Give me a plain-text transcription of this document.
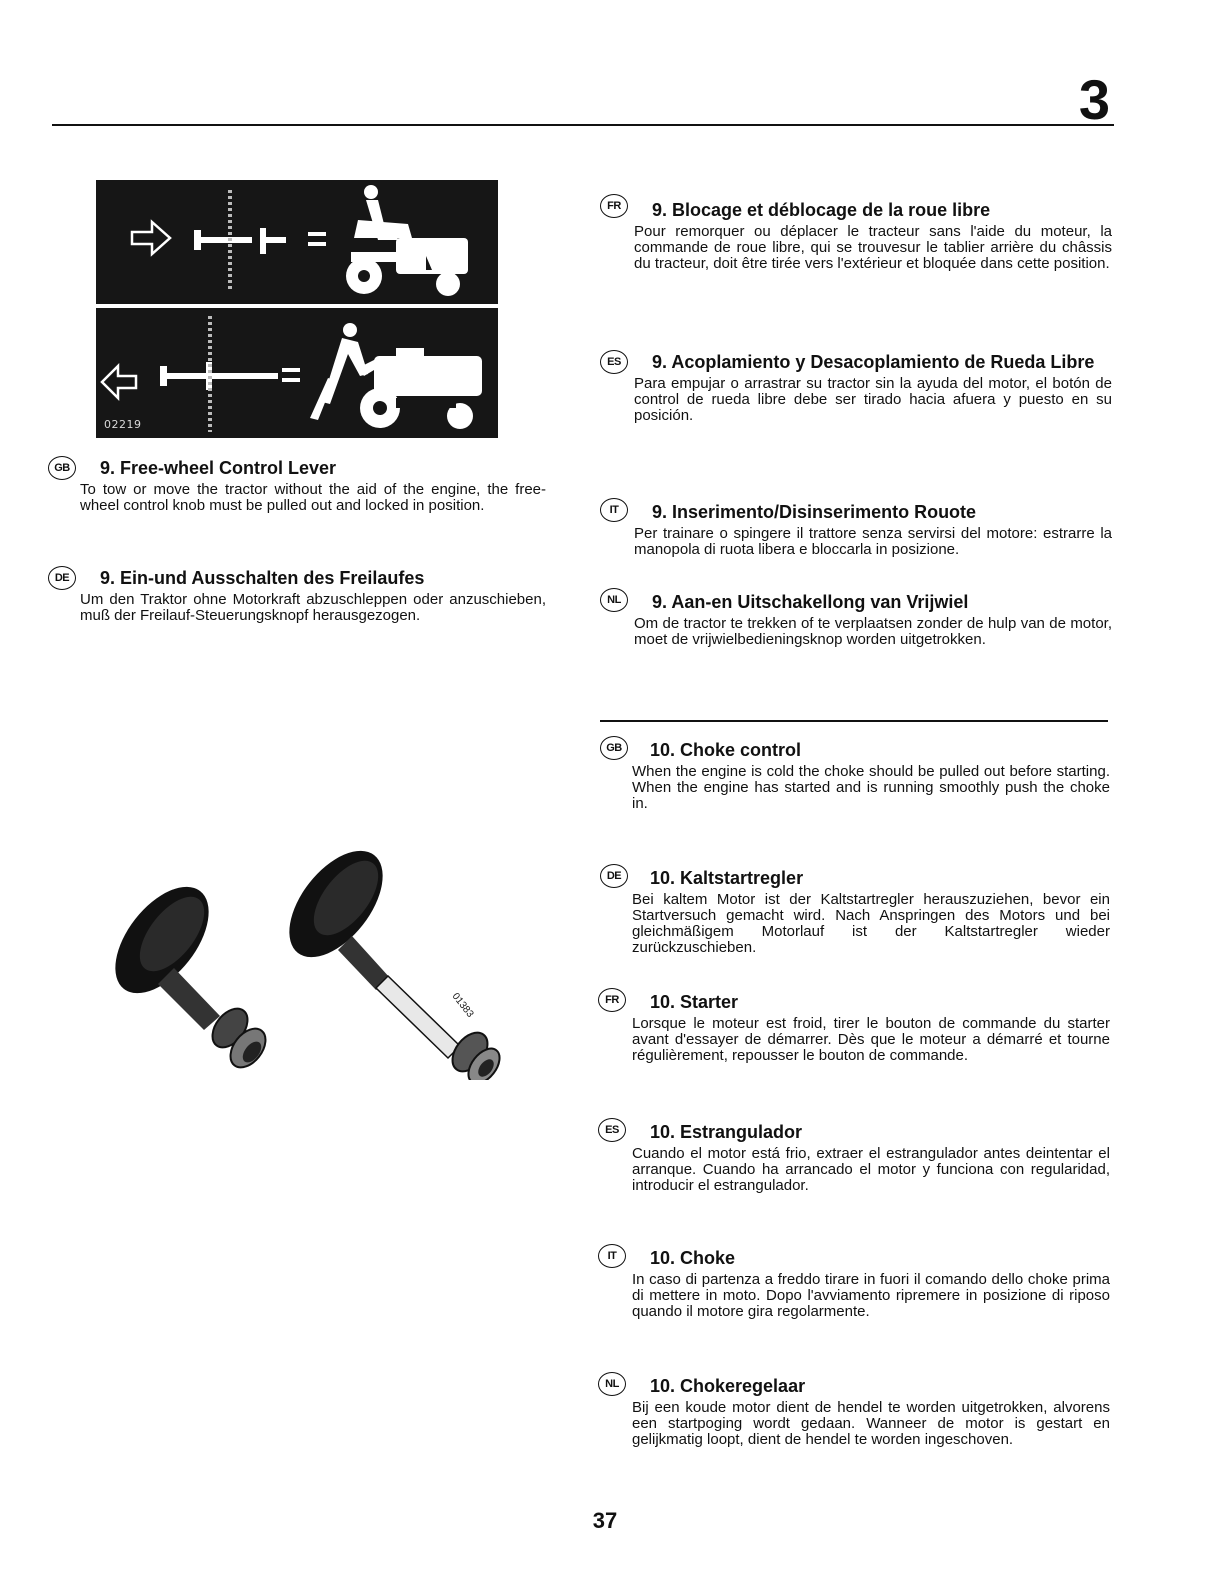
3
02219
01383
GB	9. Free-wheel Control Lever
To tow or move the tractor without the aid of the engine, the free-wheel control knob must be pulled out and locked in position.
DE	9. Ein-und Ausschalten des Freilaufes
Um den Traktor ohne Motorkraft abzuschleppen oder anzuschieben, muß der Freilauf-Steuerungsknopf herausgezogen.
FR	9. Blocage et déblocage de la roue libre
Pour remorquer ou déplacer le tracteur sans l'aide du moteur, la commande de roue libre, qui se trouvesur le tablier arrière du châssis du tracteur, doit être tirée vers l'extérieur et bloquée dans cette position.
ES	9. Acoplamiento y Desacoplamiento de Rueda Libre
Para empujar o arrastrar su tractor sin la ayuda del motor, el botón de control de rueda libre debe ser tirado hacia afuera y puesto en su posición.
IT	9. Inserimento/Disinserimento Rouote
Per trainare o spingere il trattore senza servirsi del motore: estrarre la manopola di ruota libera e bloccarla in posizione.
NL	9. Aan-en Uitschakellong van Vrijwiel
Om de tractor te trekken of te verplaatsen zonder de hulp van de motor, moet de vrijwielbedieningsknop worden uitgetrokken.
GB	10. Choke control
When the engine is cold the choke should be pulled out before starting. When the engine has started and is running smoothly push the choke in.
DE	10. Kaltstartregler
Bei kaltem Motor ist der Kaltstartregler herauszuziehen, bevor ein Startversuch gemacht wird. Nach Anspringen des Motors und bei gleichmäßigem Motorlauf ist der Kaltstartregler wieder zurückzuschieben.
FR	10. Starter
Lorsque le moteur est froid, tirer le bouton de commande du starter avant d'essayer de démarrer. Dès que le moteur a démarré et tourne régulièrement, repousser le bouton de commande.
ES	10. Estrangulador
Cuando el motor está frio, extraer el estrangulador antes deintentar el arranque. Cuando ha arrancado el motor y funciona con regularidad, introducir el estrangulador.
IT	10. Choke
In caso di partenza a freddo tirare in fuori il comando dello choke prima di mettere in moto. Dopo l'avviamento ripremere in posizione di riposo quando il motore gira regolarmente.
NL	10. Chokeregelaar
Bij een koude motor dient de hendel te worden uitgetrokken, alvorens een startpoging wordt gedaan. Wanneer de motor is gestart en gelijkmatig loopt, dient de hendel te worden ingeschoven.
37
